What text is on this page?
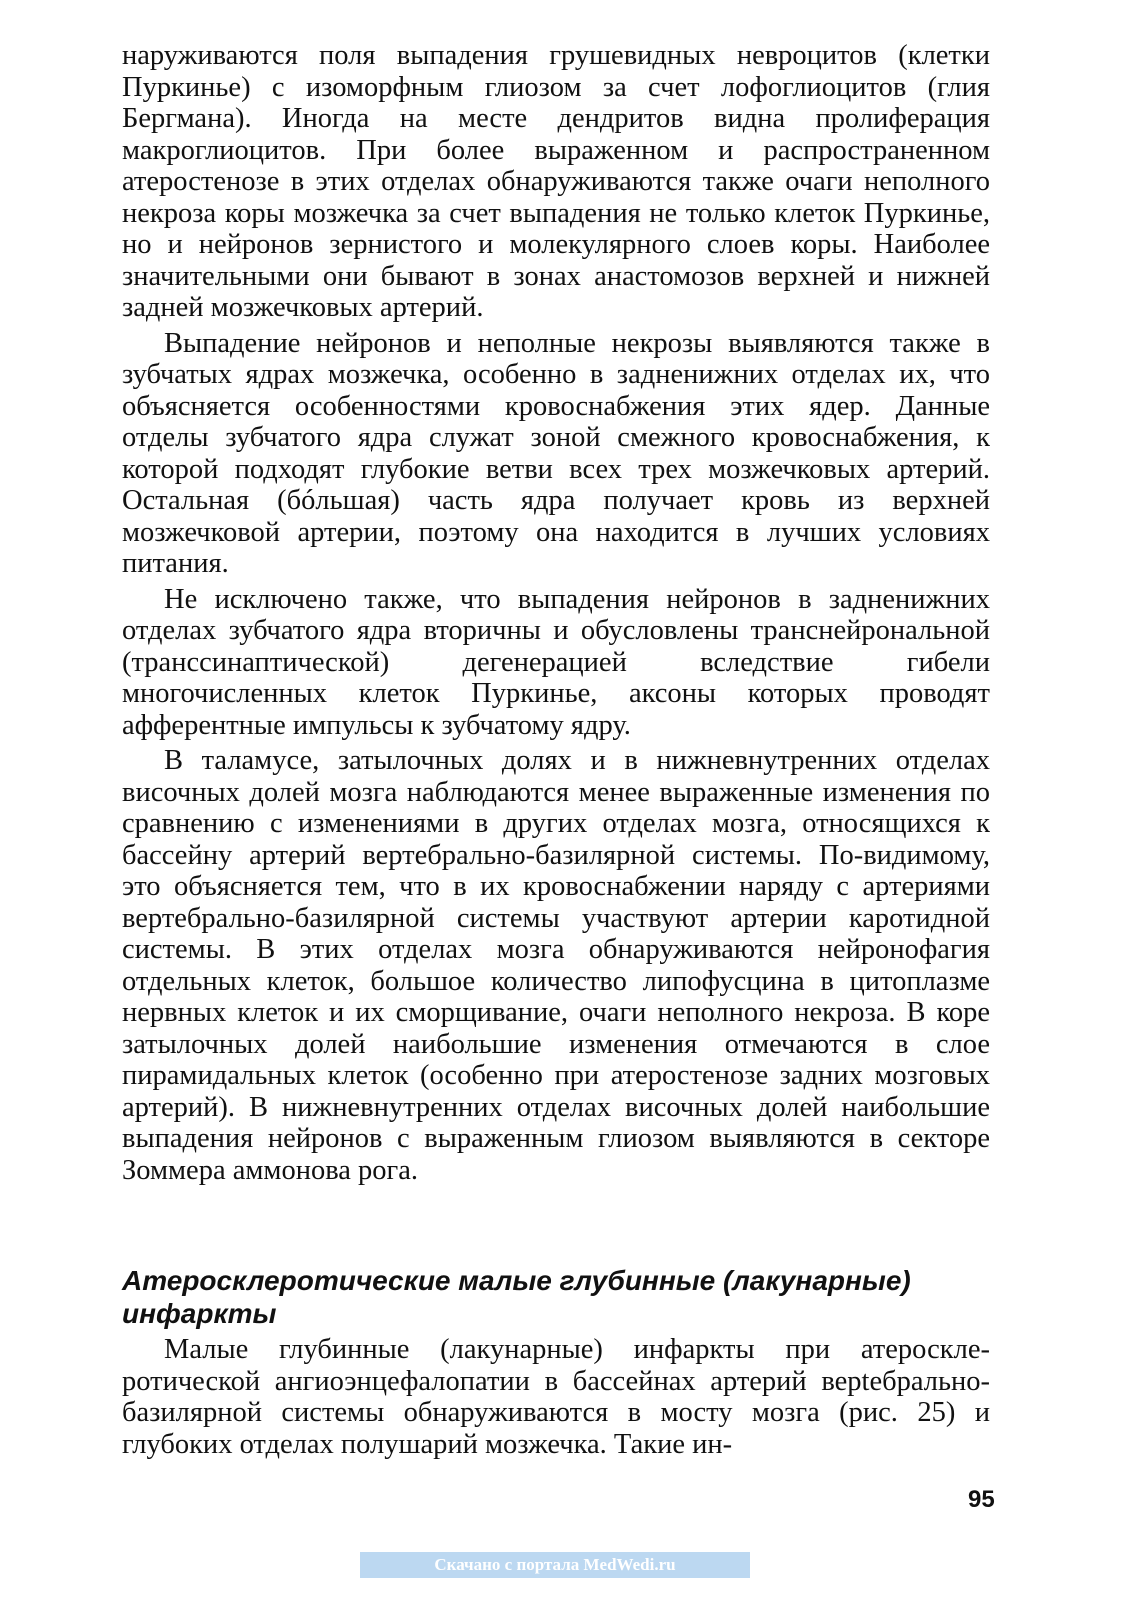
наруживаются поля выпадения грушевидных невроцитов (клетки Пуркинье) с изоморфным глиозом за счет лофоглиоцитов (глия Бергмана). Иногда на месте дендритов видна пролиферация макроглиоцитов. При более выраженном и распространенном атеростенозе в этих отделах обнаруживаются также очаги неполного некроза коры мозжечка за счет выпадения не только клеток Пуркинье, но и нейронов зернистого и молекулярного слоев коры. Наиболее значительными они бывают в зонах анастомозов верхней и нижней задней мозжечковых артерий.

Выпадение нейронов и неполные некрозы выявляются также в зубчатых ядрах мозжечка, особенно в задненижних отделах их, что объясняется особенностями кровоснабжения этих ядер. Данные отделы зубчатого ядра служат зоной смежного кровоснабжения, к которой подходят глубокие ветви всех трех мозжечковых артерий. Остальная (бóльшая) часть ядра получает кровь из верхней мозжечковой артерии, поэтому она находится в лучших условиях питания.

Не исключено также, что выпадения нейронов в задненижних отделах зубчатого ядра вторичны и обусловлены транснейрональной (транссинаптической) дегенерацией вследствие гибели многочисленных клеток Пуркинье, аксоны которых проводят афферентные импульсы к зубчатому ядру.

В таламусе, затылочных долях и в нижневнутренних отделах височных долей мозга наблюдаются менее выраженные изменения по сравнению с изменениями в других отделах мозга, относящихся к бассейну артерий вертебрально-базилярной системы. По-видимому, это объясняется тем, что в их кровоснабжении наряду с артериями вертебрально-базилярной системы участвуют артерии каротидной системы. В этих отделах мозга обнаруживаются нейронофагия отдельных клеток, большое количество липофусцина в цитоплазме нервных клеток и их сморщивание, очаги неполного некроза. В коре затылочных долей наибольшие изменения отмечаются в слое пирамидальных клеток (особенно при атеростенозе задних мозговых артерий). В нижневнутренних отделах височных долей наибольшие выпадения нейронов с выраженным глиозом выявляются в секторе Зоммера аммонова рога.

Атеросклеротические малые глубинные (лакунарные) инфаркты

Малые глубинные (лакунарные) инфаркты при атеросклеротической ангиоэнцефалопатии в бассейнах артерий верteбрально-базилярной системы обнаруживаются в мосту мозга (рис. 25) и глубоких отделах полушарий мозжечка. Такие ин-

95
Скачано с портала MedWedi.ru
